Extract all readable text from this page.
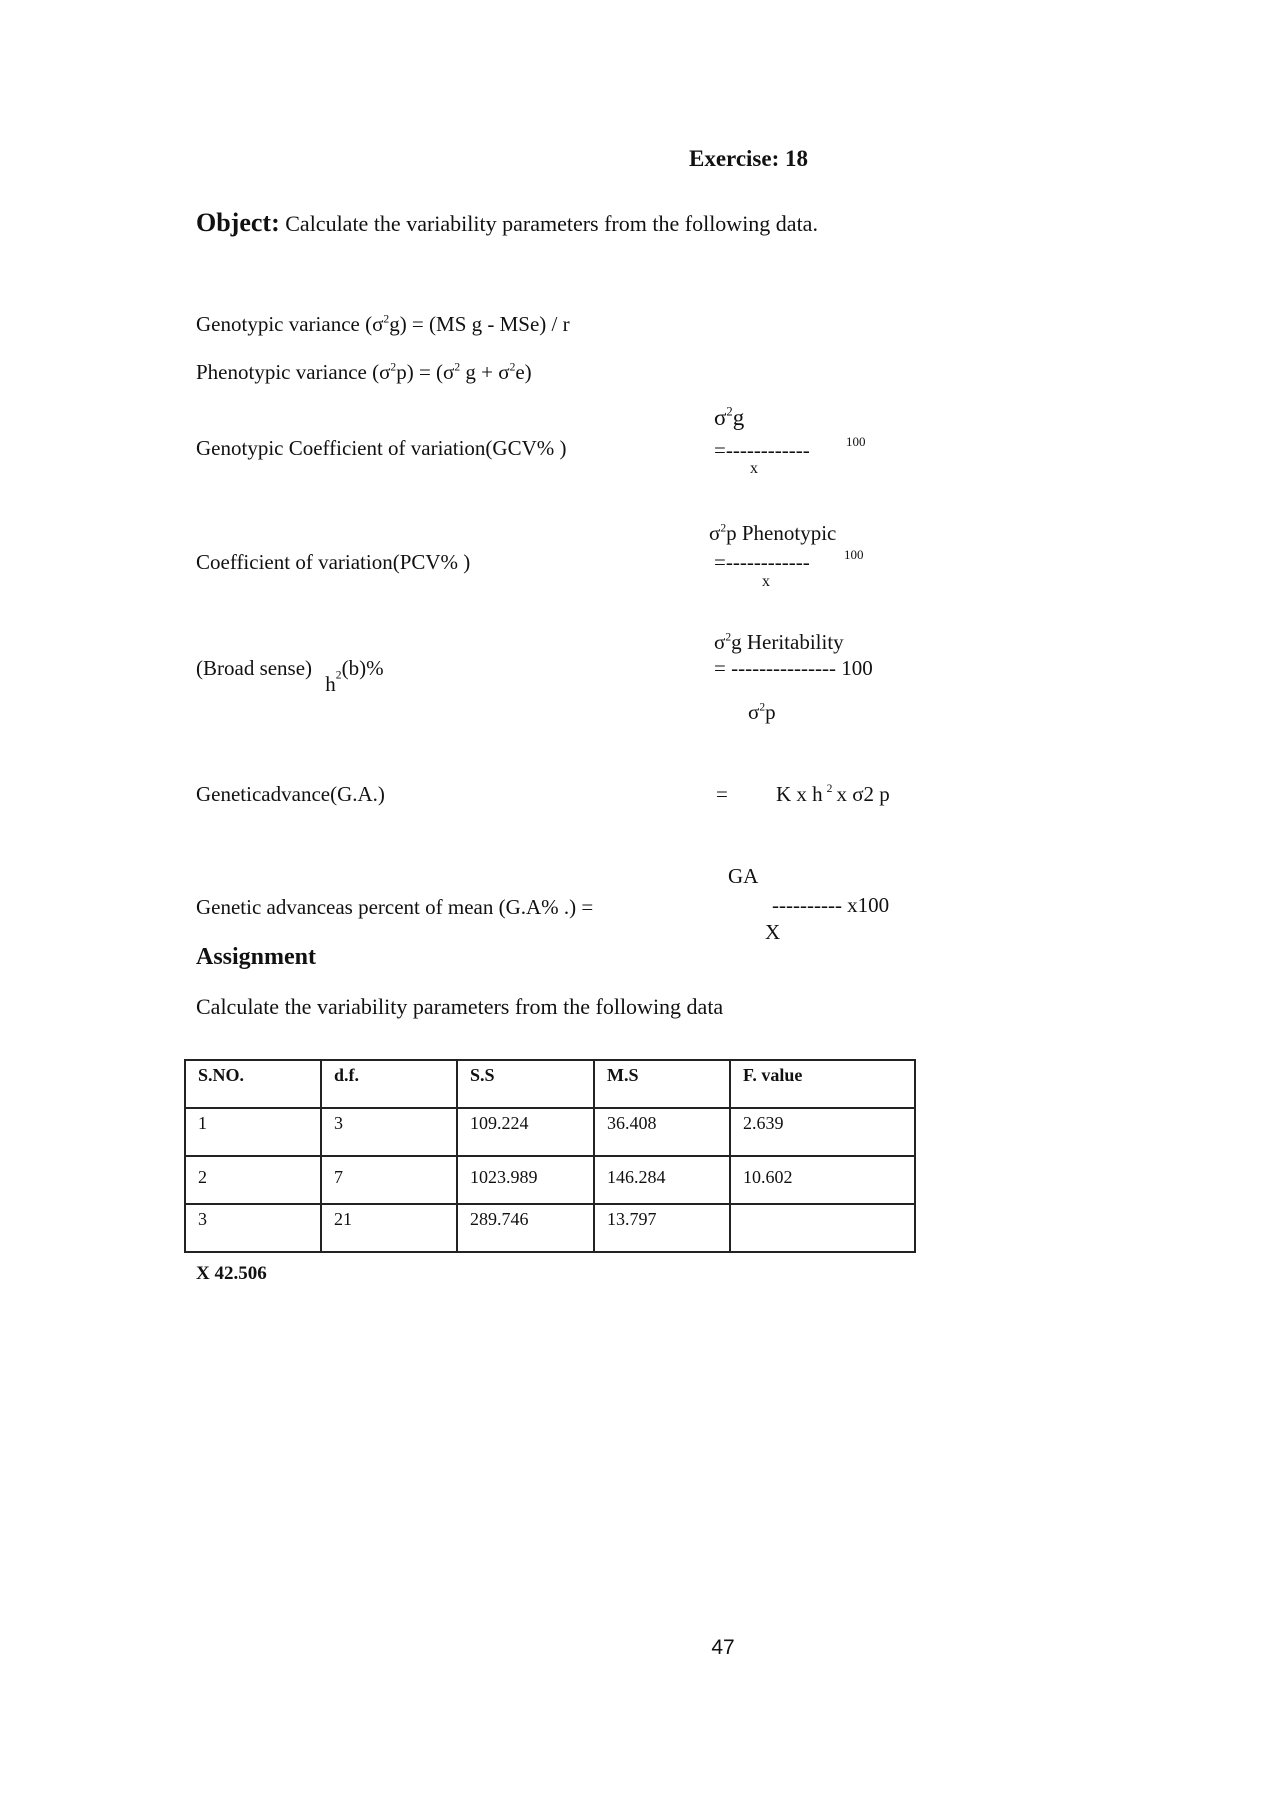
Exercise: 18
Object: Calculate the variability parameters from the following data.
Genotypic variance $(\sigma^2g) = (MS$ g - MSe) / r
Phenotypic variance $(\sigma^2p) = (\sigma^2$ $g + \sigma^2e$)
Genotypic Coefficient of variation(GCV% )
$\sigma^2g$
=------------	100
x
$\sigma^2p$ Phenotypic
Coefficient of variation(PCV% )	=------------	100
x
$\sigma^2g$ Heritability
(Broad sense) $h^2(b)\%$	= --------------- 100
$\sigma^2p$
Geneticadvance(G.A.)	= K x h $^2$ x σ2 p
GA
Genetic advanceas percent of mean (G.A% .) =	---------- x100
X
Assignment
Calculate the variability parameters from the following data
S.NO.	d.f.	S.S	M.S	F. value
1	3	109.224	36.408	2.639
2	7	1023.989	146.284	10.602
3	21	289.746	13.797	
X 42.506
47
